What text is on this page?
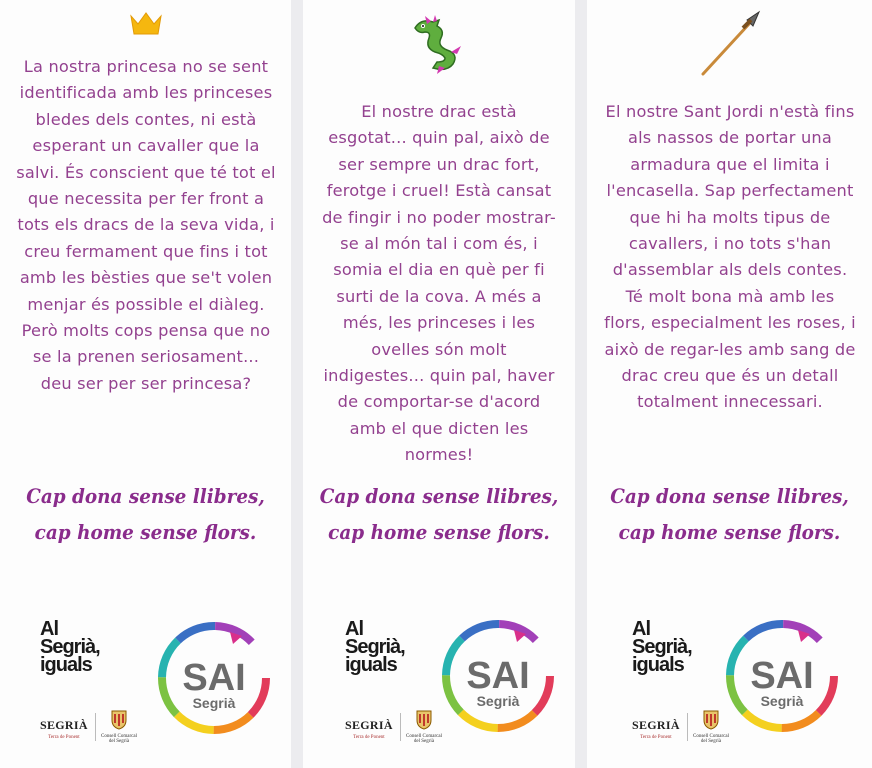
La nostra princesa no se sent identificada amb les princeses bledes dels contes, ni està esperant un cavaller que la salvi. És conscient que té tot el que necessita per fer front a tots els dracs de la seva vida, i creu fermament que fins i tot amb les bèsties que se't volen menjar és possible el diàleg. Però molts cops pensa que no se la prenen seriosament... deu ser per ser princesa?
Cap dona sense llibres,
cap home sense flors.
Al
Segrià,
iguals SAI
Segrià
SEGRIÀ
Terra de Ponent	Consell Comarcal
del Segrià
El nostre drac està esgotat... quin pal, això de ser sempre un drac fort, ferotge i cruel! Està cansat de fingir i no poder mostrar-se al món tal i com és, i somia el dia en què per fi surti de la cova. A més a més, les princeses i les ovelles són molt indigestes... quin pal, haver de comportar-se d'acord amb el que dicten les normes!
Cap dona sense llibres,
cap home sense flors.
Al
Segrià,
iguals SAI
Segrià
SEGRIÀ
Terra de Ponent	Consell Comarcal
del Segrià
El nostre Sant Jordi n'està fins als nassos de portar una armadura que el limita i l'encasella. Sap perfectament que hi ha molts tipus de cavallers, i no tots s'han d'assemblar als dels contes. Té molt bona mà amb les flors, especialment les roses, i això de regar-les amb sang de drac creu que és un detall totalment innecessari.
Cap dona sense llibres,
cap home sense flors.
Al
Segrià,
iguals SAI
Segrià
SEGRIÀ
Terra de Ponent	Consell Comarcal
del Segrià
